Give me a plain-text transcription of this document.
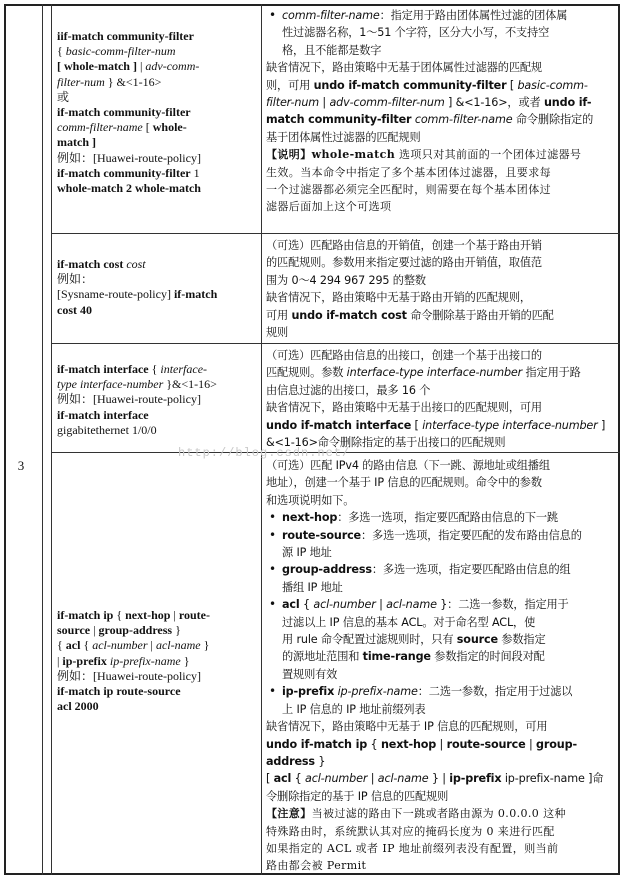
3
http://blog.csdn.net/
iif-match community-filter
{ basic-comm-filter-num
[ whole-match ] | adv-comm-
filter-num } &<1-16>
或
if-match community-filter
comm-filter-name [ whole-
match ]
例如：[Huawei-route-policy]
if-match community-filter 1
whole-match 2 whole-match
• comm-filter-name：指定用于路由团体属性过滤的团体属
性过滤器名称，1～51 个字符，区分大小写，不支持空
格，且不能都是数字
缺省情况下，路由策略中无基于团体属性过滤器的匹配规
则，可用 undo if-match community-filter [ basic-comm-
filter-num | adv-comm-filter-num ] &<1-16>，或者 undo if-
match community-filter comm-filter-name 命令删除指定的
基于团体属性过滤器的匹配规则
【说明】whole-match 选项只对其前面的一个团体过滤器号
生效。当本命令中指定了多个基本团体过滤器，且要求每
一个过滤器都必须完全匹配时，则需要在每个基本团体过
滤器后面加上这个可选项
if-match cost cost
例如：
[Sysname-route-policy] if-match
cost 40
（可选）匹配路由信息的开销值，创建一个基于路由开销
的匹配规则。参数用来指定要过滤的路由开销值，取值范
围为 0～4 294 967 295 的整数
缺省情况下，路由策略中无基于路由开销的匹配规则，
可用 undo if-match cost 命令删除基于路由开销的匹配
规则
if-match interface { interface-
type interface-number }&<1-16>
例如：[Huawei-route-policy]
if-match interface
gigabitethernet 1/0/0
（可选）匹配路由信息的出接口，创建一个基于出接口的
匹配规则。参数 interface-type interface-number 指定用于路
由信息过滤的出接口，最多 16 个
缺省情况下，路由策略中无基于出接口的匹配规则，可用
undo if-match interface [ interface-type interface-number ]
&<1-16>命令删除指定的基于出接口的匹配规则
if-match ip { next-hop | route-
source | group-address }
{ acl { acl-number | acl-name }
| ip-prefix ip-prefix-name }
例如：[Huawei-route-policy]
if-match ip route-source
acl 2000
（可选）匹配 IPv4 的路由信息（下一跳、源地址或组播组
地址），创建一个基于 IP 信息的匹配规则。命令中的参数
和选项说明如下。
• next-hop：多选一选项，指定要匹配路由信息的下一跳
• route-source：多选一选项，指定要匹配的发布路由信息的
源 IP 地址
• group-address：多选一选项，指定要匹配路由信息的组
播组 IP 地址
• acl { acl-number | acl-name }：二选一参数，指定用于
过滤以上 IP 信息的基本 ACL。对于命名型 ACL，使
用 rule 命令配置过滤规则时，只有 source 参数指定
的源地址范围和 time-range 参数指定的时间段对配
置规则有效
• ip-prefix ip-prefix-name：二选一参数，指定用于过滤以
上 IP 信息的 IP 地址前缀列表
缺省情况下，路由策略中无基于 IP 信息的匹配规则，可用
undo if-match ip { next-hop | route-source | group-address }
[ acl { acl-number | acl-name } | ip-prefix ip-prefix-name ]命
令删除指定的基于 IP 信息的匹配规则
【注意】当被过滤的路由下一跳或者路由源为 0.0.0.0 这种
特殊路由时，系统默认其对应的掩码长度为 0 来进行匹配
如果指定的 ACL 或者 IP 地址前缀列表没有配置，则当前
路由都会被 Permit
